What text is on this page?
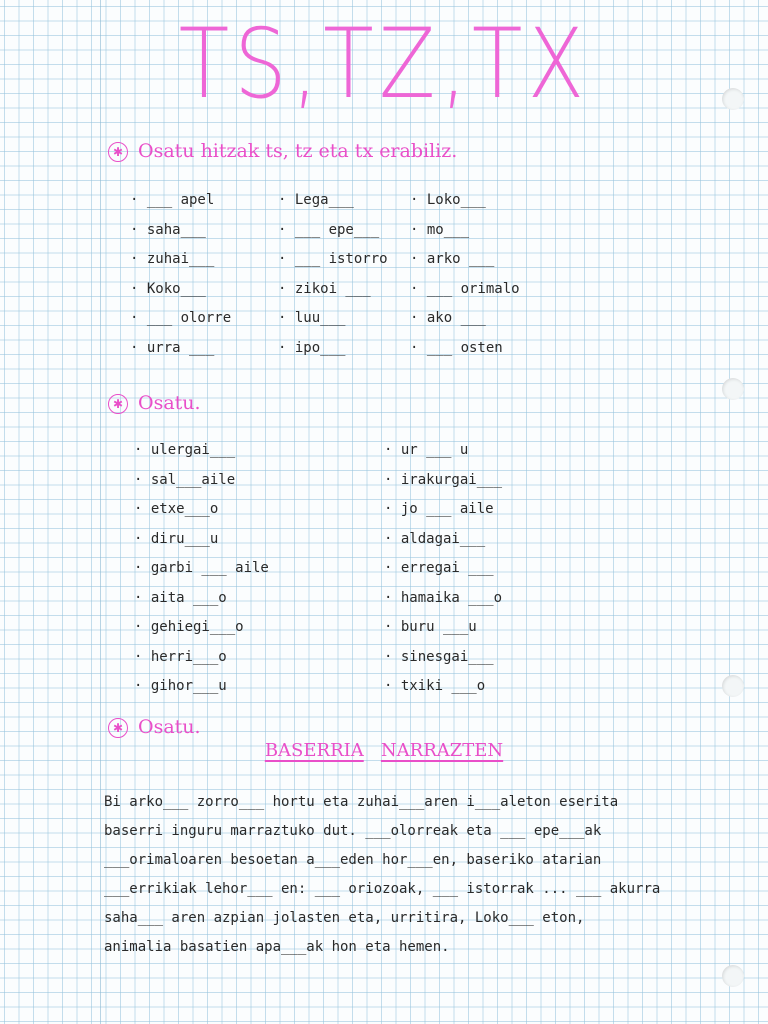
TS,TZ,TX
✱ Osatu hitzak ts, tz eta tx erabiliz.
· ___ apel
· saha___
· zuhai___
· Koko___
· ___ olorre
· urra ___
· Lega___
· ___ epe___
· ___ istorro
· zikoi ___
· luu___
· ipo___
· Loko___
· mo___
· arko ___
· ___ orimalo
· ako ___
· ___ osten
✱ Osatu.
· ulergai___
· sal___aile
· etxe___o
· diru___u
· garbi ___ aile
· aita ___o
· gehiegi___o
· herri___o
· gihor___u
· ur ___ u
· irakurgai___
· jo ___ aile
· aldagai___
· erregai ___
· hamaika ___o
· buru ___u
· sinesgai___
· txiki ___o
✱ Osatu.
BASERRIA NARRAZTEN
Bi arko___ zorro___ hortu eta zuhai___aren i___aleton eserita
baserri inguru marraztuko dut. ___olorreak eta ___ epe___ak
___orimaloaren besoetan a___eden hor___en, baseriko atarian
___errikiak lehor___ en: ___ oriozoak, ___ istorrak ... ___ akurra
saha___ aren azpian jolasten eta, urritira, Loko___ eton,
animalia basatien apa___ak hon eta hemen.
